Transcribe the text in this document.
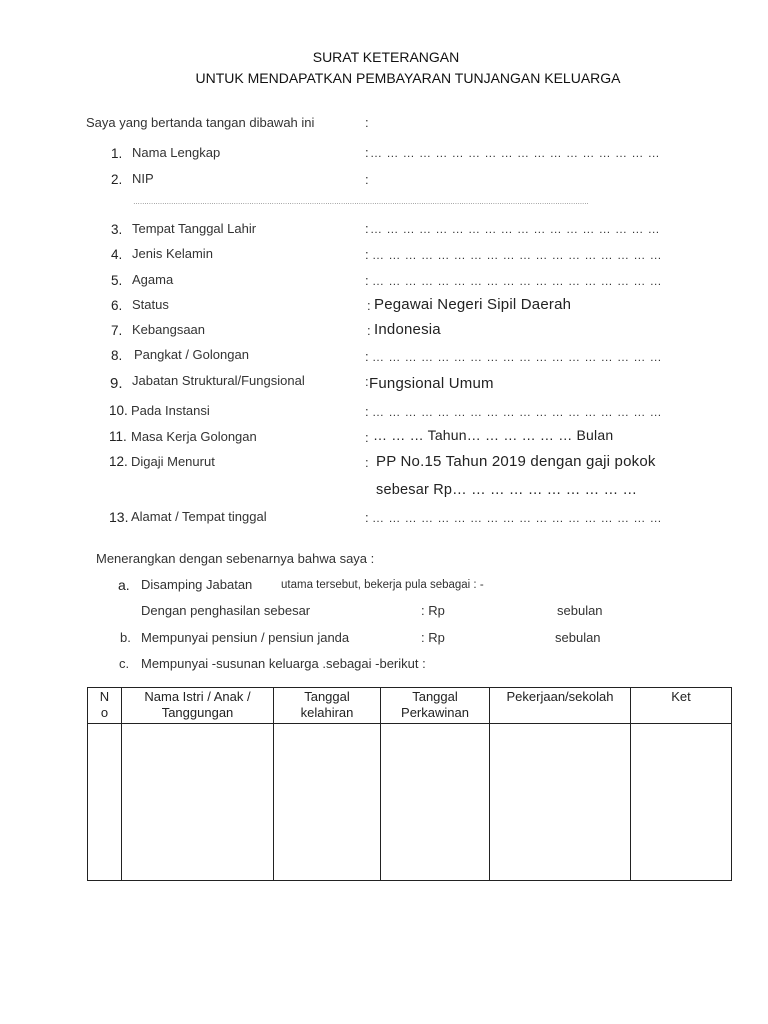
SURAT KETERANGAN
UNTUK MENDAPATKAN PEMBAYARAN TUNJANGAN KELUARGA
Saya yang bertanda tangan dibawah ini	:
1. Nama Lengkap	: … … … … … … … … … … … … … … … … … …
2. NIP	:
……………………………………………………………………………………………………………………………………………………………………………………
3. Tempat Tanggal Lahir	: … … … … … … … … … … … … … … … … … …
4. Jenis Kelamin	: … … … … … … … … … … … … … … … … … …
5. Agama	: … … … … … … … … … … … … … … … … … …
6. Status	: Pegawai Negeri Sipil Daerah
7. Kebangsaan	: Indonesia
8. Pangkat / Golongan	: … … … … … … … … … … … … … … … … … …
9. Jabatan Struktural/Fungsional	: Fungsional Umum
10. Pada Instansi	: … … … … … … … … … … … … … … … … … …
11. Masa Kerja Golongan	: … … … Tahun… … … … … … Bulan
12. Digaji Menurut	: PP No.15 Tahun 2019 dengan gaji pokok
sebesar Rp… … … … … … … … … …
13. Alamat / Tempat tinggal	: … … … … … … … … … … … … … … … … … …
Menerangkan dengan sebenarnya bahwa saya :
a. Disamping Jabatan utama tersebut, bekerja pula sebagai : -
Dengan penghasilan sebesar	: Rp	sebulan
b. Mempunyai pensiun / pensiun janda	: Rp	sebulan
c. Mempunyai -susunan keluarga .sebagai -berikut :
N o	Nama Istri / Anak / Tanggungan	Tanggal kelahiran	Tanggal Perkawinan	Pekerjaan/sekolah	Ket
